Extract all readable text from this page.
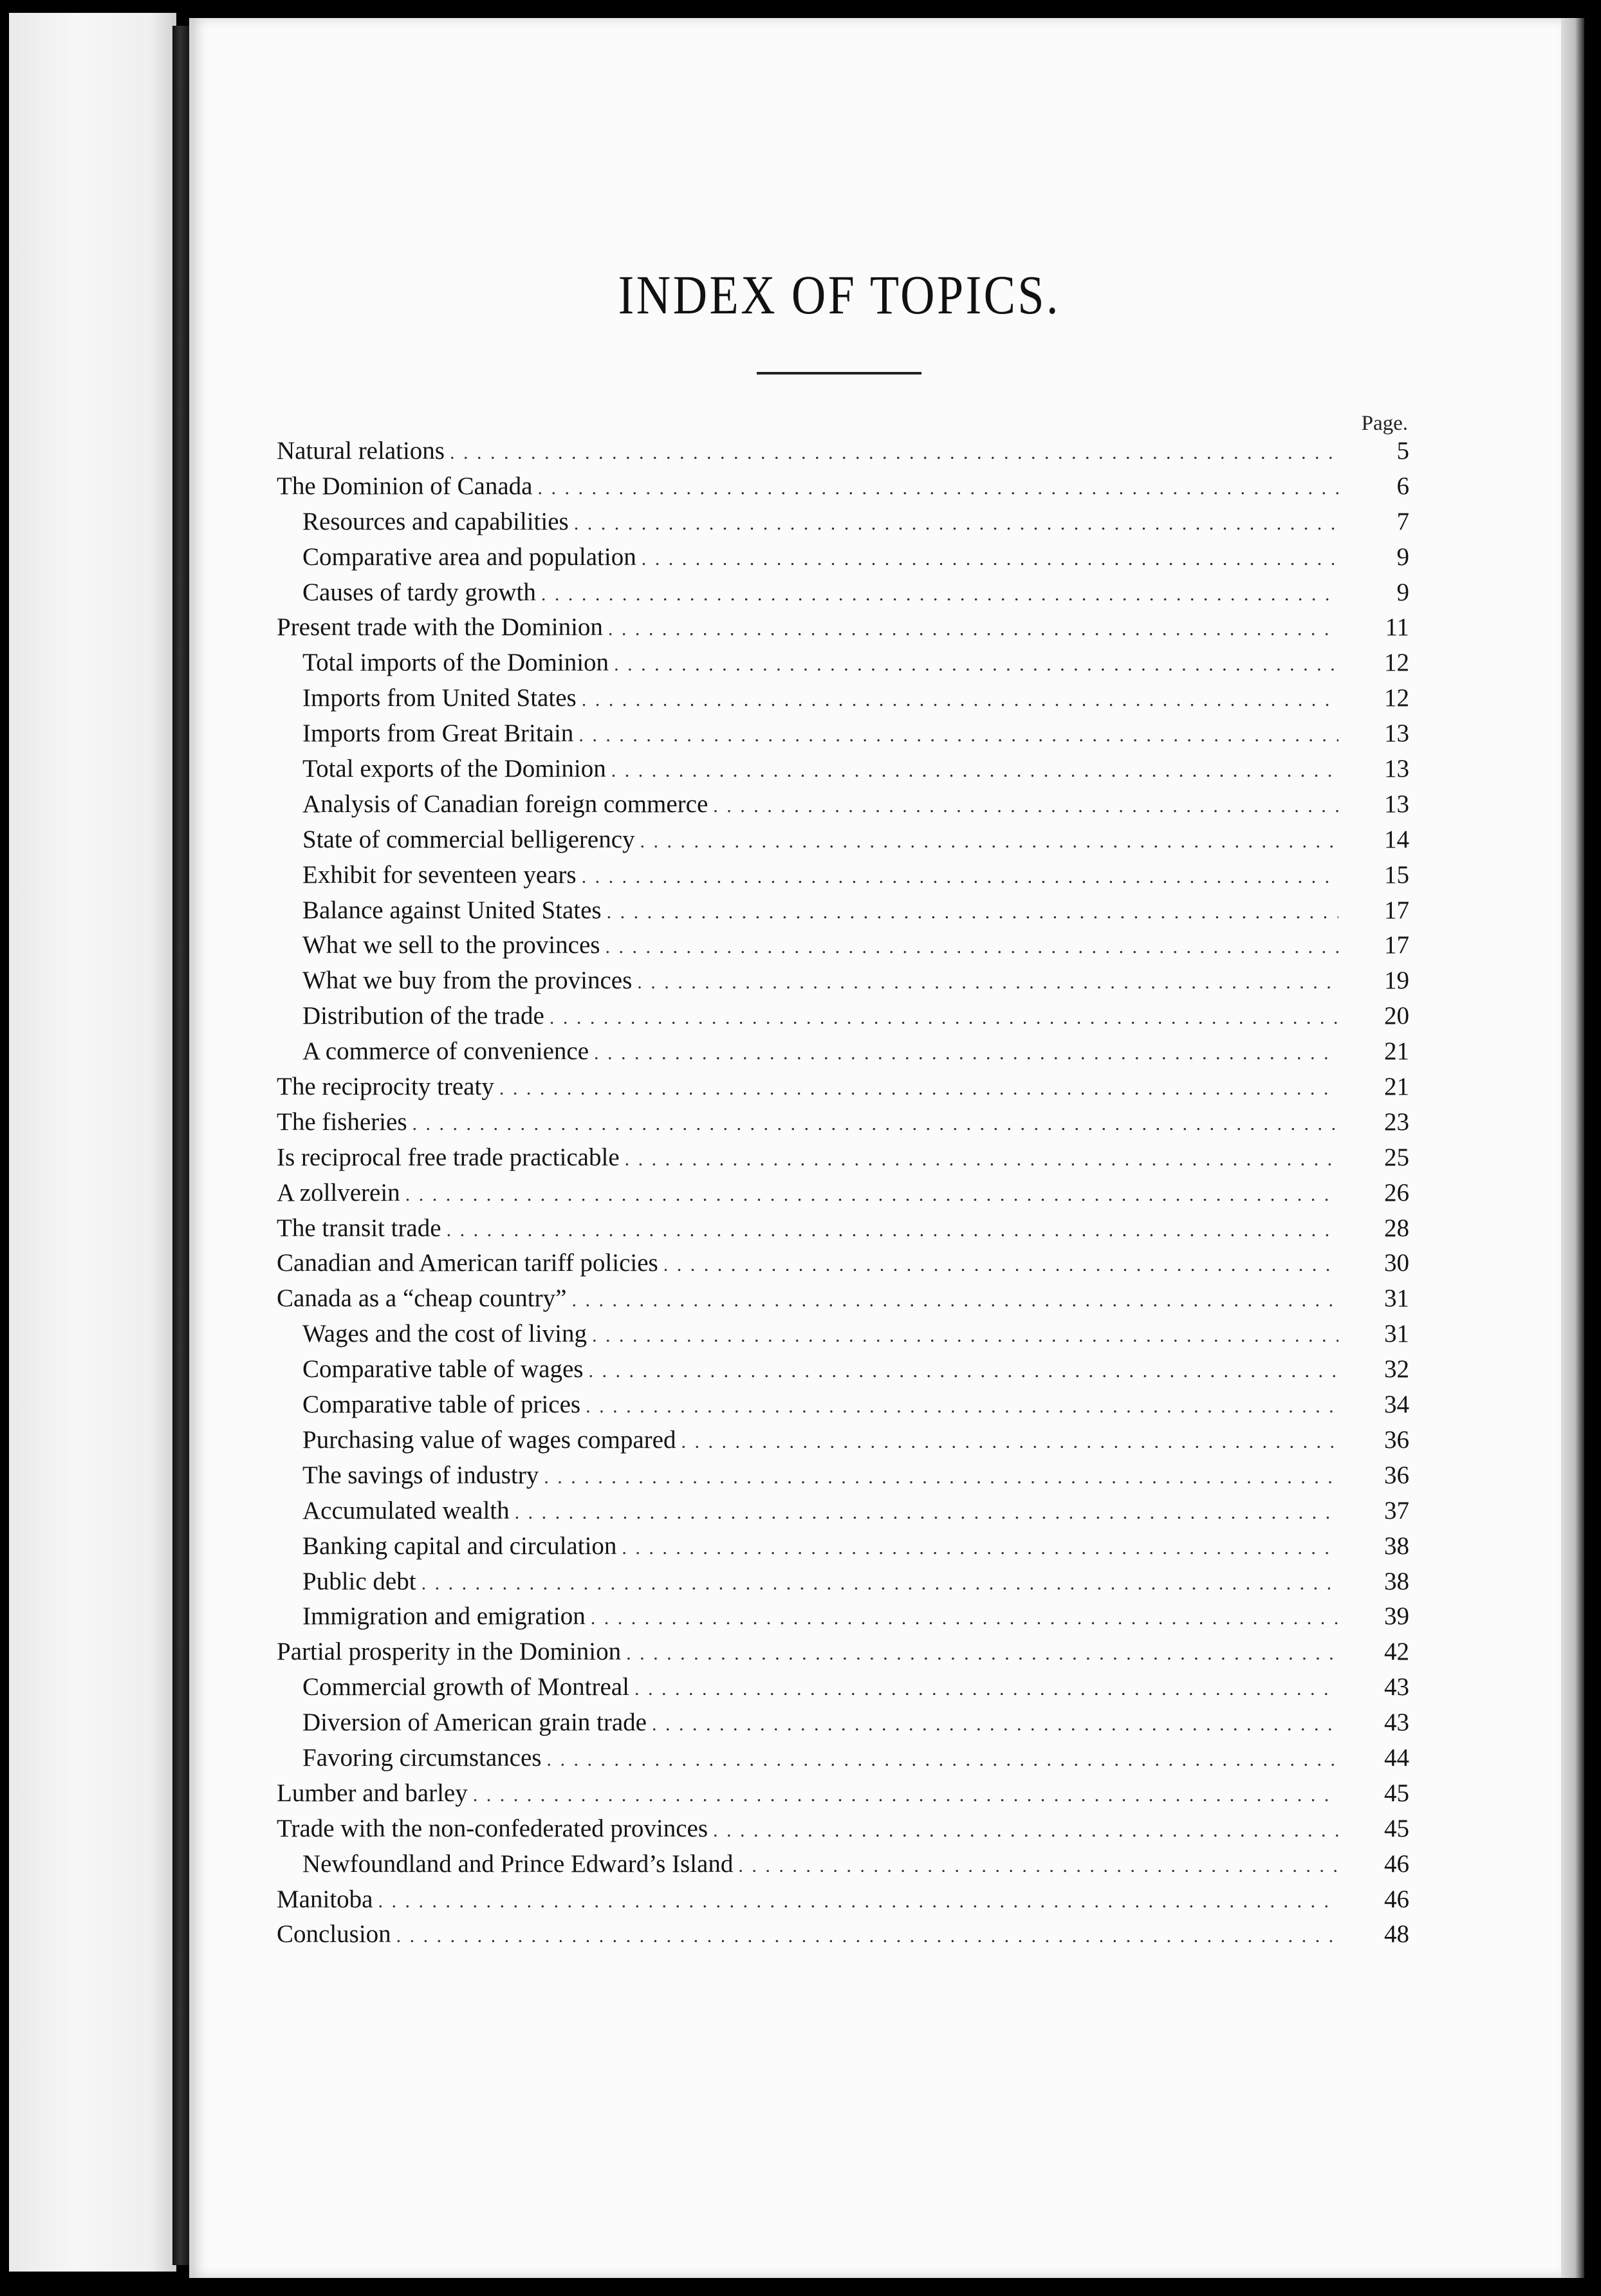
INDEX OF TOPICS.
Page.
Natural relations . . .	5
The Dominion of Canada . . .	6
Resources and capabilities . . .	7
Comparative area and population . . .	9
Causes of tardy growth . . .	9
Present trade with the Dominion . . .	11
Total imports of the Dominion . . .	12
Imports from United States . . .	12
Imports from Great Britain . . .	13
Total exports of the Dominion . . .	13
Analysis of Canadian foreign commerce . . .	13
State of commercial belligerency . . .	14
Exhibit for seventeen years . . .	15
Balance against United States . . .	17
What we sell to the provinces . . .	17
What we buy from the provinces . . .	19
Distribution of the trade . . .	20
A commerce of convenience . . .	21
The reciprocity treaty . . .	21
The fisheries . . .	23
Is reciprocal free trade practicable . . .	25
A zollverein . . .	26
The transit trade . . .	28
Canadian and American tariff policies . . .	30
Canada as a “cheap country” . . .	31
Wages and the cost of living . . .	31
Comparative table of wages . . .	32
Comparative table of prices . . .	34
Purchasing value of wages compared . . .	36
The savings of industry . . .	36
Accumulated wealth . . .	37
Banking capital and circulation . . .	38
Public debt . . .	38
Immigration and emigration . . .	39
Partial prosperity in the Dominion . . .	42
Commercial growth of Montreal . . .	43
Diversion of American grain trade . . .	43
Favoring circumstances . . .	44
Lumber and barley . . .	45
Trade with the non-confederated provinces . . .	45
Newfoundland and Prince Edward’s Island . . .	46
Manitoba . . .	46
Conclusion . . .	48
